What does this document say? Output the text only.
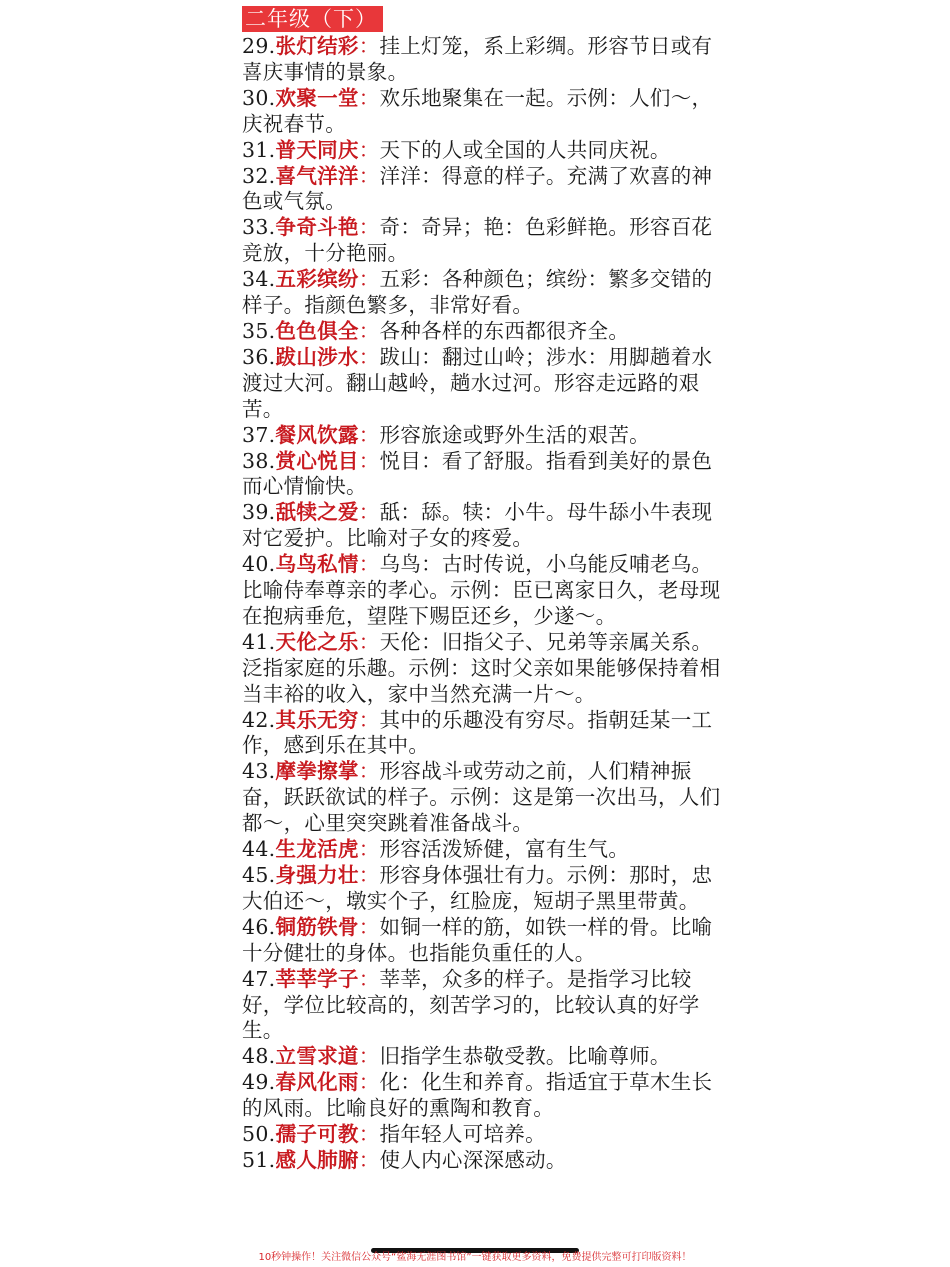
二年级（下）

29.张灯结彩：挂上灯笼，系上彩绸。形容节日或有喜庆事情的景象。

30.欢聚一堂：欢乐地聚集在一起。示例：人们～，庆祝春节。

31.普天同庆：天下的人或全国的人共同庆祝。

32.喜气洋洋：洋洋：得意的样子。充满了欢喜的神色或气氛。

33.争奇斗艳：奇：奇异；艳：色彩鲜艳。形容百花竞放，十分艳丽。

34.五彩缤纷：五彩：各种颜色；缤纷：繁多交错的样子。指颜色繁多，非常好看。

35.色色俱全：各种各样的东西都很齐全。

36.跋山涉水：跋山：翻过山岭；涉水：用脚趟着水渡过大河。翻山越岭，趟水过河。形容走远路的艰苦。

37.餐风饮露：形容旅途或野外生活的艰苦。

38.赏心悦目：悦目：看了舒服。指看到美好的景色而心情愉快。

39.舐犊之爱：舐：舔。犊：小牛。母牛舔小牛表现对它爱护。比喻对子女的疼爱。

40.乌鸟私情：乌鸟：古时传说，小乌能反哺老乌。比喻侍奉尊亲的孝心。示例：臣已离家日久，老母现在抱病垂危，望陛下赐臣还乡，少遂～。

41.天伦之乐：天伦：旧指父子、兄弟等亲属关系。泛指家庭的乐趣。示例：这时父亲如果能够保持着相当丰裕的收入，家中当然充满一片～。

42.其乐无穷：其中的乐趣没有穷尽。指朝廷某一工作，感到乐在其中。

43.摩拳擦掌：形容战斗或劳动之前，人们精神振奋，跃跃欲试的样子。示例：这是第一次出马，人们都～，心里突突跳着准备战斗。

44.生龙活虎：形容活泼矫健，富有生气。

45.身强力壮：形容身体强壮有力。示例：那时，忠大伯还～，墩实个子，红脸庞，短胡子黑里带黄。

46.铜筋铁骨：如铜一样的筋，如铁一样的骨。比喻十分健壮的身体。也指能负重任的人。

47.莘莘学子：莘莘，众多的样子。是指学习比较好，学位比较高的，刻苦学习的，比较认真的好学生。

48.立雪求道：旧指学生恭敬受教。比喻尊师。

49.春风化雨：化：化生和养育。指适宜于草木生长的风雨。比喻良好的熏陶和教育。

50.孺子可教：指年轻人可培养。

51.感人肺腑：使人内心深深感动。

10秒钟操作！关注微信公众号“鲨海无涯图书馆”一键获取更多资料，免费提供完整可打印版资料！
